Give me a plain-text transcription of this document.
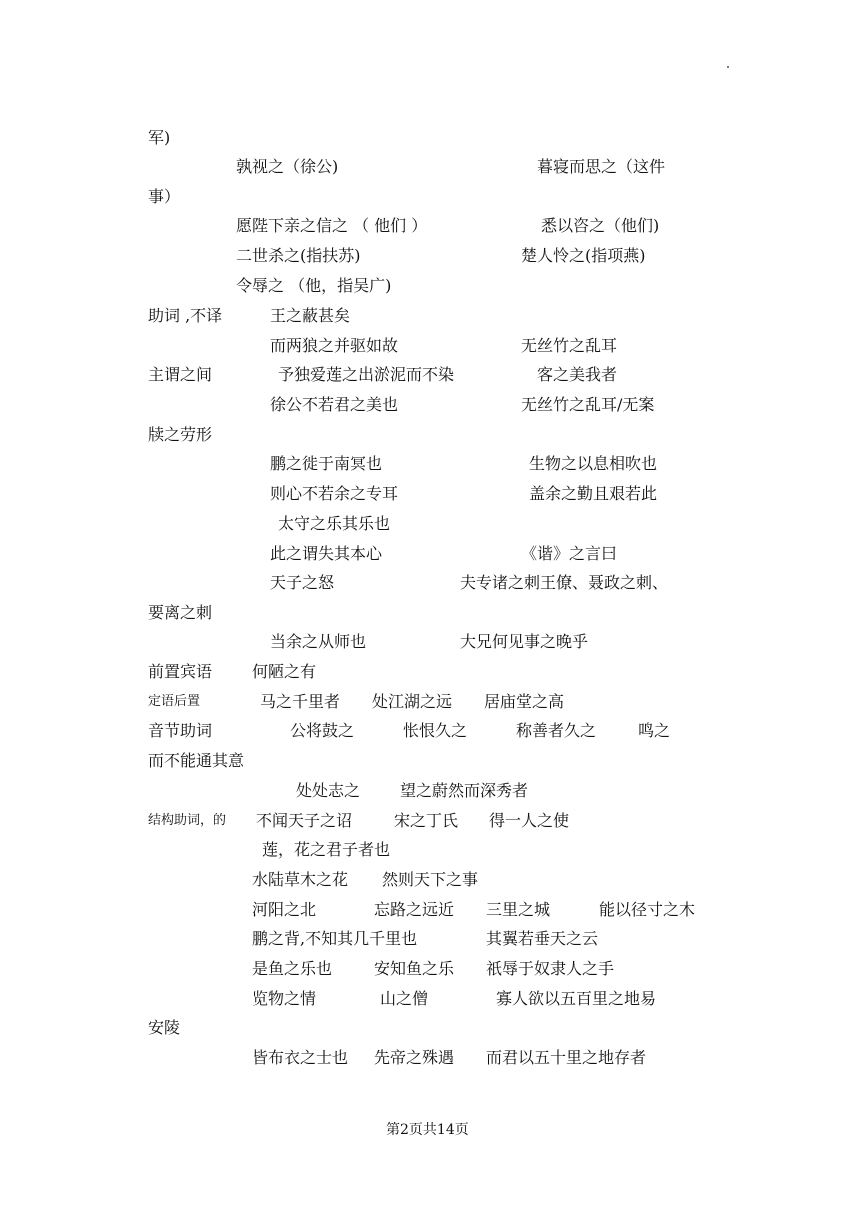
军)
孰视之（徐公)	暮寝而思之（这件
事）
愿陛下亲之信之 （ 他们 ）	悉以咨之（他们)
二世杀之(指扶苏)	楚人怜之(指项燕)
令辱之 （他，指吴广)
助词 ,不译	王之蔽甚矣
而两狼之并驱如故	无丝竹之乱耳
主谓之间	予独爱莲之出淤泥而不染	客之美我者
徐公不若君之美也	无丝竹之乱耳/无案
牍之劳形
鹏之徙于南冥也	生物之以息相吹也
则心不若余之专耳	盖余之勤且艰若此
太守之乐其乐也
此之谓失其本心	《谐》之言曰
天子之怒	夫专诸之刺王僚、聂政之刺、
要离之刺
当余之从师也	大兄何见事之晚乎
前置宾语 何陋之有
定语后置	马之千里者 处江湖之远 居庙堂之高
音节助词	公将鼓之	怅恨久之	称善者久之	鸣之
而不能通其意
处处志之 望之蔚然而深秀者
结构助词，的 不闻天子之诏	宋之丁氏 得一人之使
莲，花之君子者也
水陆草木之花 然则天下之事
河阳之北	忘路之远近 三里之城	能以径寸之木
鹏之背,不知其几千里也	其翼若垂天之云
是鱼之乐也	安知鱼之乐 祇辱于奴隶人之手
览物之情	山之僧	寡人欲以五百里之地易
安陵
皆布衣之士也 先帝之殊遇 而君以五十里之地存者
第2页共14页
